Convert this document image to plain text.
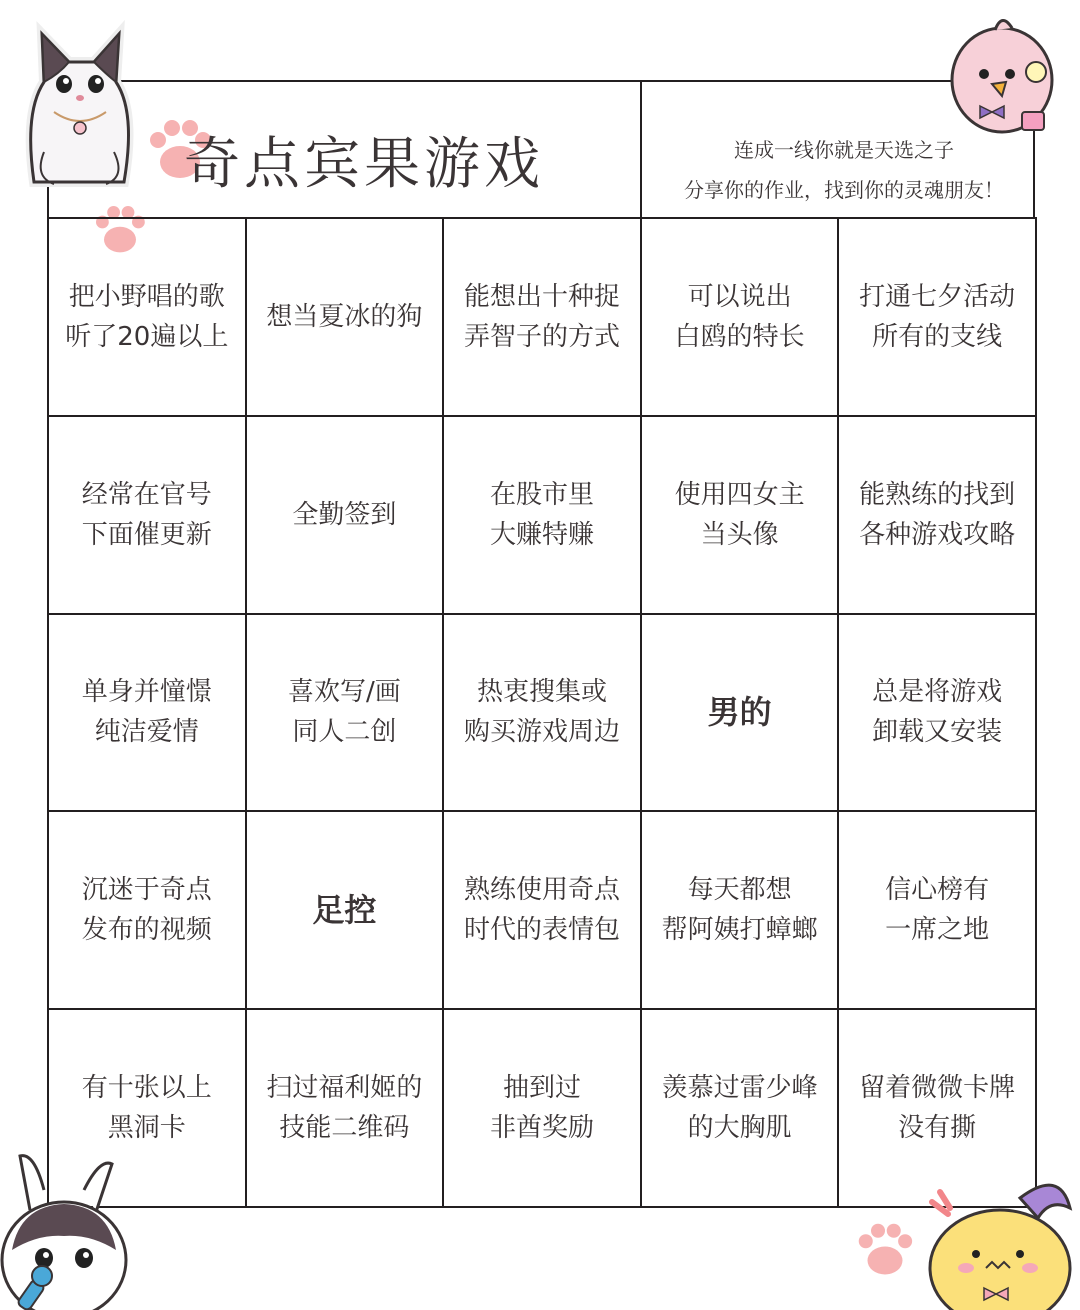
奇点宾果游戏	连成一线你就是天选之子
分享你的作业，找到你的灵魂朋友！
把小野唱的歌
听了20遍以上
想当夏冰的狗
能想出十种捉
弄智子的方式
可以说出
白鸥的特长
打通七夕活动
所有的支线
经常在官号
下面催更新
全勤签到
在股市里
大赚特赚
使用四女主
当头像
能熟练的找到
各种游戏攻略
单身并憧憬
纯洁爱情
喜欢写/画
同人二创
热衷搜集或
购买游戏周边
男的
总是将游戏
卸载又安装
沉迷于奇点
发布的视频
足控
熟练使用奇点
时代的表情包
每天都想
帮阿姨打蟑螂
信心榜有
一席之地
有十张以上
黑洞卡
扫过福利姬的
技能二维码
抽到过
非酋奖励
羡慕过雷少峰
的大胸肌
留着微微卡牌
没有撕
